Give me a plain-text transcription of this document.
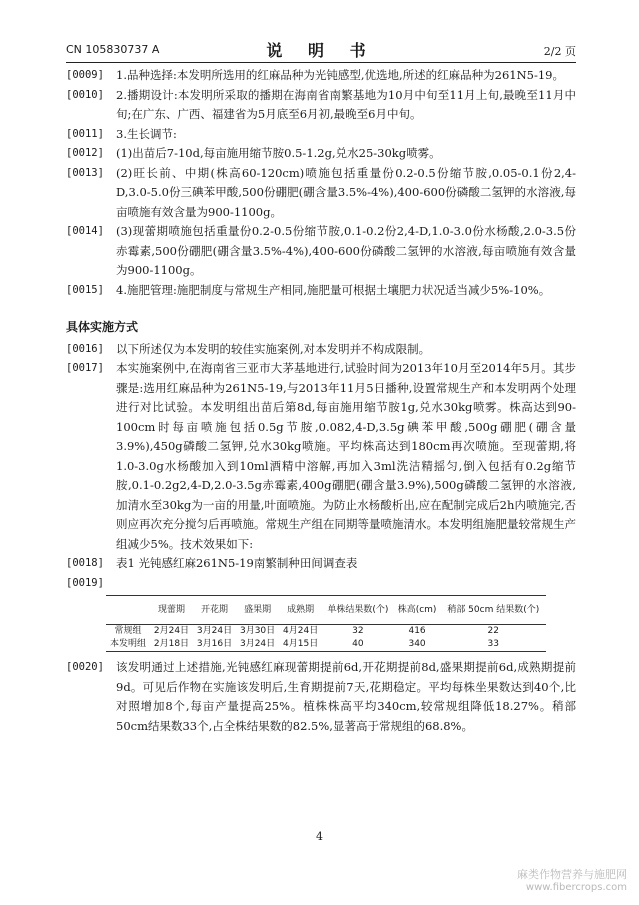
CN 105830737 A	说 明 书	2/2 页
[0009] 1.品种选择:本发明所选用的红麻品种为光钝感型,优选地,所述的红麻品种为261N5-19。
[0010] 2.播期设计:本发明所采取的播期在海南省南繁基地为10月中旬至11月上旬,最晚至11月中旬;在广东、广西、福建省为5月底至6月初,最晚至6月中旬。
[0011] 3.生长调节:
[0012] (1)出苗后7-10d,每亩施用缩节胺0.5-1.2g,兑水25-30kg喷雾。
[0013] (2)旺长前、中期(株高60-120cm)喷施包括重量份0.2-0.5份缩节胺,0.05-0.1份2,4-D,3.0-5.0份三碘苯甲酸,500份硼肥(硼含量3.5%-4%),400-600份磷酸二氢钾的水溶液,每亩喷施有效含量为900-1100g。
[0014] (3)现蕾期喷施包括重量份0.2-0.5份缩节胺,0.1-0.2份2,4-D,1.0-3.0份水杨酸,2.0-3.5份赤霉素,500份硼肥(硼含量3.5%-4%),400-600份磷酸二氢钾的水溶液,每亩喷施有效含量为900-1100g。
[0015] 4.施肥管理:施肥制度与常规生产相同,施肥量可根据土壤肥力状况适当减少5%-10%。
具体实施方式
[0016] 以下所述仅为本发明的较佳实施案例,对本发明并不构成限制。
[0017] 本实施案例中,在海南省三亚市大茅基地进行,试验时间为2013年10月至2014年5月。其步骤是:选用红麻品种为261N5-19,与2013年11月5日播种,设置常规生产和本发明两个处理进行对比试验。本发明组出苗后第8d,每亩施用缩节胺1g,兑水30kg喷雾。株高达到90-100cm时每亩喷施包括0.5g节胺,0.082,4-D,3.5g碘苯甲酸,500g硼肥(硼含量3.9%),450g磷酸二氢钾,兑水30kg喷施。平均株高达到180cm再次喷施。至现蕾期,将1.0-3.0g水杨酸加入到10ml酒精中溶解,再加入3ml洗洁精摇匀,倒入包括有0.2g缩节胺,0.1-0.2g2,4-D,2.0-3.5g赤霉素,400g硼肥(硼含量3.9%),500g磷酸二氢钾的水溶液,加清水至30kg为一亩的用量,叶面喷施。为防止水杨酸析出,应在配制完成后2h内喷施完,否则应再次充分搅匀后再喷施。常规生产组在同期等量喷施清水。本发明组施肥量较常规生产组减少5%。技术效果如下:
[0018] 表1 光钝感红麻261N5-19南繁制种田间调查表
[0019]

	现蕾期	开花期	盛果期	成熟期	单株结果数(个)	株高(cm)	稍部 50cm 结果数(个)
常规组	2月24日	3月24日	3月30日	4月24日	32	416	22
本发明组	2月18日	3月16日	3月24日	4月15日	40	340	33
[0020] 该发明通过上述措施,光钝感红麻现蕾期提前6d,开花期提前8d,盛果期提前6d,成熟期提前9d。可见后作物在实施该发明后,生育期提前7天,花期稳定。平均每株坐果数达到40个,比对照增加8个,每亩产量提高25%。植株株高平均340cm,较常规组降低18.27%。稍部50cm结果数33个,占全株结果数的82.5%,显著高于常规组的68.8%。
4
麻类作物营养与施肥网
www.fibercrops.com
